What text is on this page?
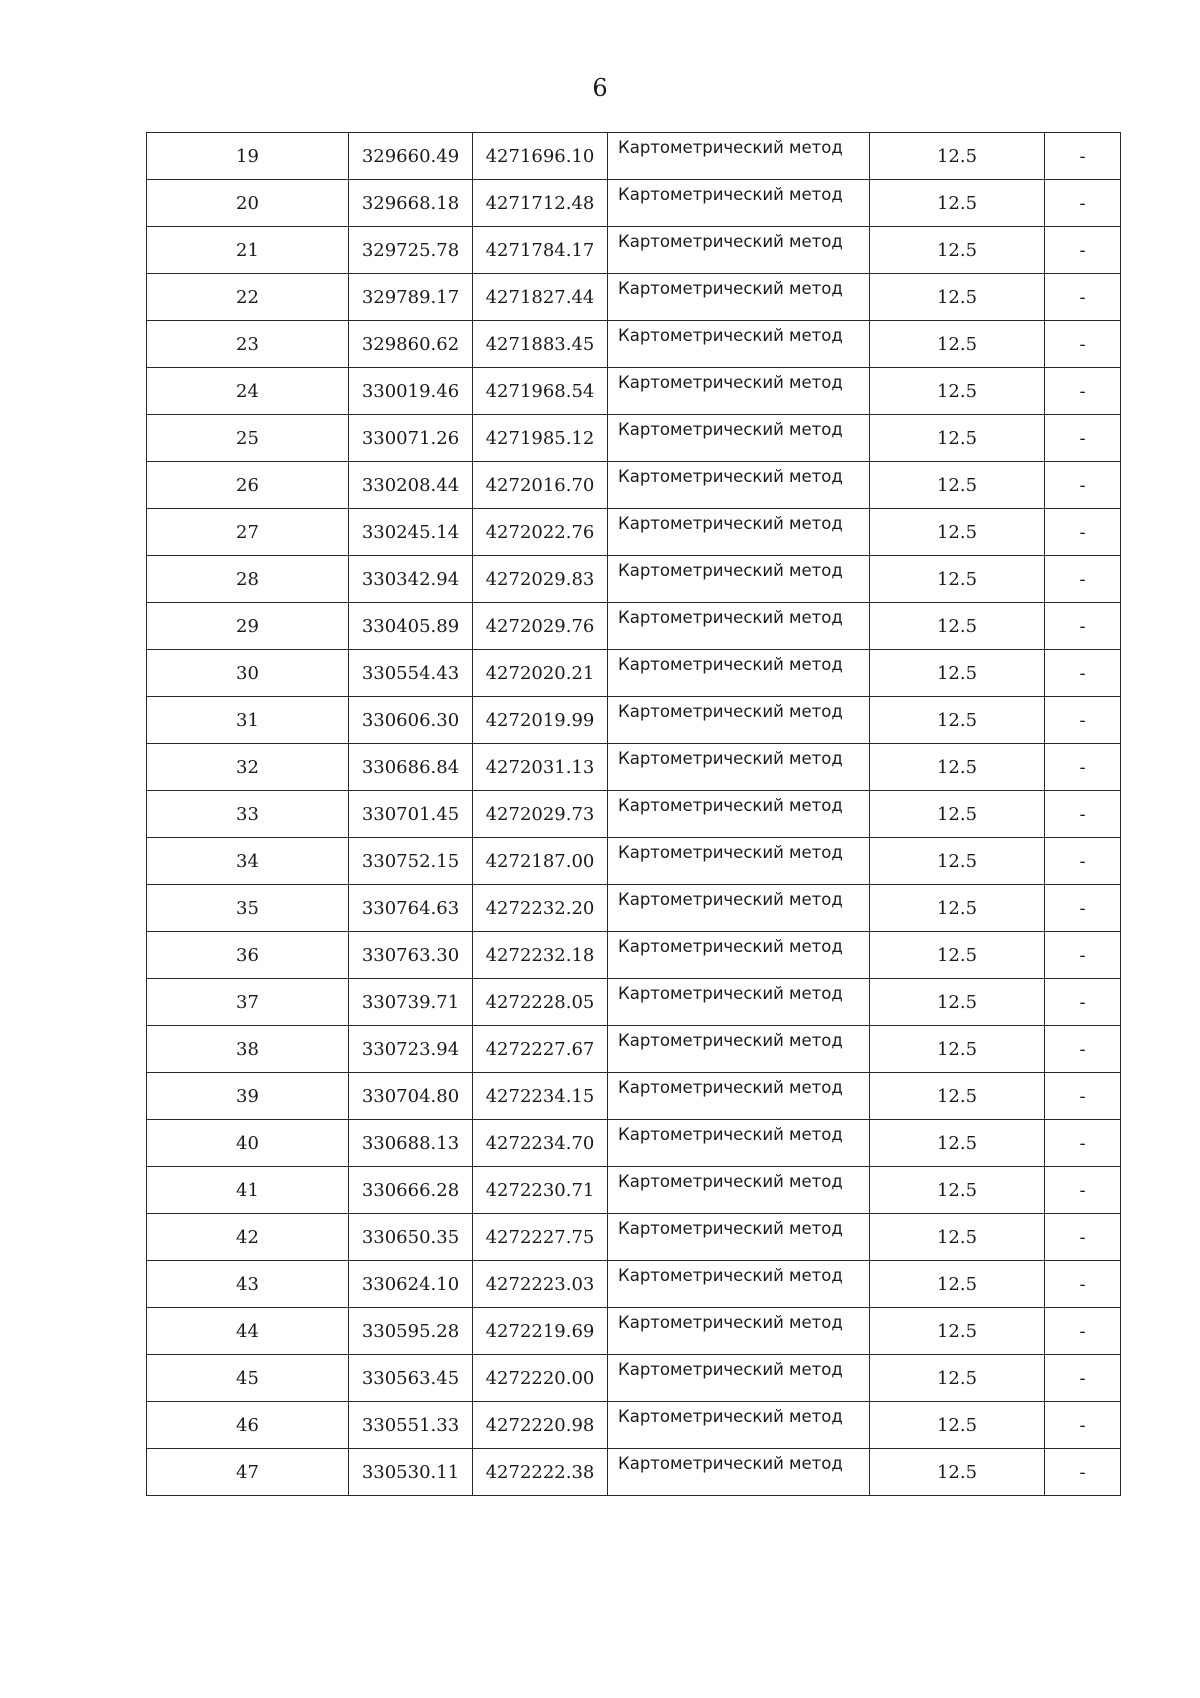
6
19	329660.49	4271696.10	Картометрический метод	12.5	-
20	329668.18	4271712.48	Картометрический метод	12.5	-
21	329725.78	4271784.17	Картометрический метод	12.5	-
22	329789.17	4271827.44	Картометрический метод	12.5	-
23	329860.62	4271883.45	Картометрический метод	12.5	-
24	330019.46	4271968.54	Картометрический метод	12.5	-
25	330071.26	4271985.12	Картометрический метод	12.5	-
26	330208.44	4272016.70	Картометрический метод	12.5	-
27	330245.14	4272022.76	Картометрический метод	12.5	-
28	330342.94	4272029.83	Картометрический метод	12.5	-
29	330405.89	4272029.76	Картометрический метод	12.5	-
30	330554.43	4272020.21	Картометрический метод	12.5	-
31	330606.30	4272019.99	Картометрический метод	12.5	-
32	330686.84	4272031.13	Картометрический метод	12.5	-
33	330701.45	4272029.73	Картометрический метод	12.5	-
34	330752.15	4272187.00	Картометрический метод	12.5	-
35	330764.63	4272232.20	Картометрический метод	12.5	-
36	330763.30	4272232.18	Картометрический метод	12.5	-
37	330739.71	4272228.05	Картометрический метод	12.5	-
38	330723.94	4272227.67	Картометрический метод	12.5	-
39	330704.80	4272234.15	Картометрический метод	12.5	-
40	330688.13	4272234.70	Картометрический метод	12.5	-
41	330666.28	4272230.71	Картометрический метод	12.5	-
42	330650.35	4272227.75	Картометрический метод	12.5	-
43	330624.10	4272223.03	Картометрический метод	12.5	-
44	330595.28	4272219.69	Картометрический метод	12.5	-
45	330563.45	4272220.00	Картометрический метод	12.5	-
46	330551.33	4272220.98	Картометрический метод	12.5	-
47	330530.11	4272222.38	Картометрический метод	12.5	-
